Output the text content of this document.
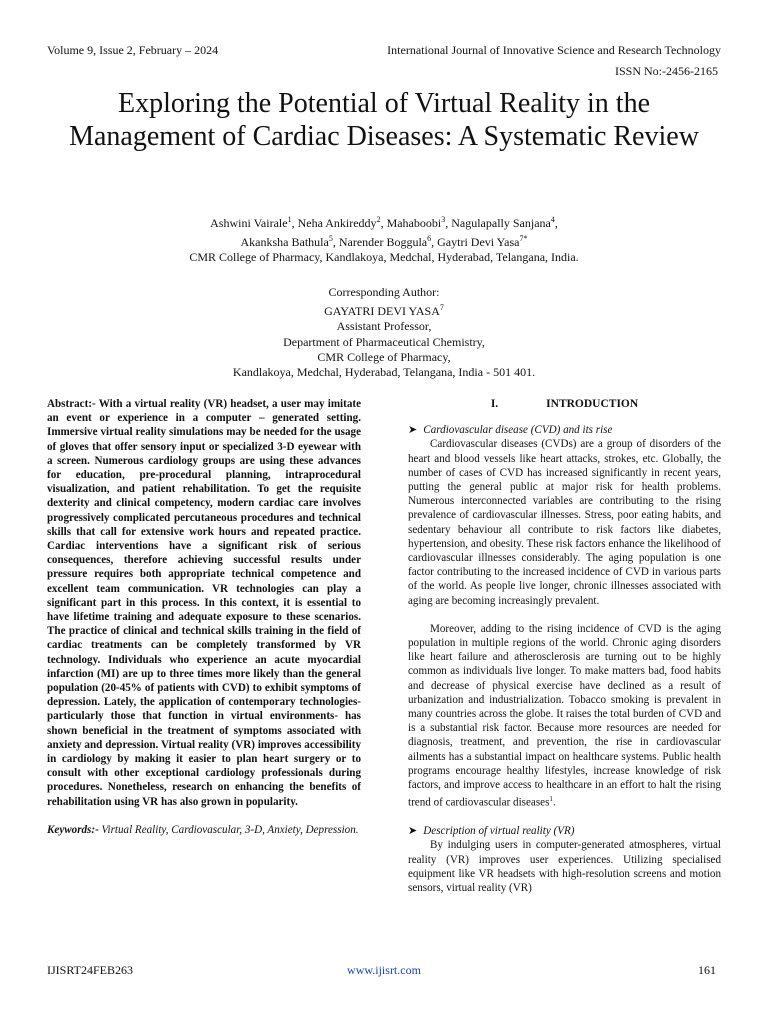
Volume 9, Issue 2, February – 2024	International Journal of Innovative Science and Research Technology
ISSN No:-2456-2165
Exploring the Potential of Virtual Reality in the Management of Cardiac Diseases: A Systematic Review
Ashwini Vairale$^1$, Neha Ankireddy$^2$, Mahaboobi$^3$, Nagulapally Sanjana$^4$,
Akanksha Bathula$^5$, Narender Boggula$^6$, Gaytri Devi Yasa$^{7*}$
CMR College of Pharmacy, Kandlakoya, Medchal, Hyderabad, Telangana, India.
Corresponding Author:
GAYATRI DEVI YASA$^7$
Assistant Professor,
Department of Pharmaceutical Chemistry,
CMR College of Pharmacy,
Kandlakoya, Medchal, Hyderabad, Telangana, India - 501 401.

Abstract:- With a virtual reality (VR) headset, a user may imitate an event or experience in a computer – generated setting. Immersive virtual reality simulations may be needed for the usage of gloves that offer sensory input or specialized 3-D eyewear with a screen. Numerous cardiology groups are using these advances for education, pre-procedural planning, intraprocedural visualization, and patient rehabilitation. To get the requisite dexterity and clinical competency, modern cardiac care involves progressively complicated percutaneous procedures and technical skills that call for extensive work hours and repeated practice. Cardiac interventions have a significant risk of serious consequences, therefore achieving successful results under pressure requires both appropriate technical competence and excellent team communication. VR technologies can play a significant part in this process. In this context, it is essential to have lifetime training and adequate exposure to these scenarios. The practice of clinical and technical skills training in the field of cardiac treatments can be completely transformed by VR technology. Individuals who experience an acute myocardial infarction (MI) are up to three times more likely than the general population (20-45% of patients with CVD) to exhibit symptoms of depression. Lately, the application of contemporary technologies- particularly those that function in virtual environments- has shown beneficial in the treatment of symptoms associated with anxiety and depression. Virtual reality (VR) improves accessibility in cardiology by making it easier to plan heart surgery or to consult with other exceptional cardiology professionals during procedures. Nonetheless, research on enhancing the benefits of rehabilitation using VR has also grown in popularity.

Keywords:- Virtual Reality, Cardiovascular, 3-D, Anxiety, Depression.

I.	INTRODUCTION

➤ Cardiovascular disease (CVD) and its rise

Cardiovascular diseases (CVDs) are a group of disorders of the heart and blood vessels like heart attacks, strokes, etc. Globally, the number of cases of CVD has increased significantly in recent years, putting the general public at major risk for health problems. Numerous interconnected variables are contributing to the rising prevalence of cardiovascular illnesses. Stress, poor eating habits, and sedentary behaviour all contribute to risk factors like diabetes, hypertension, and obesity. These risk factors enhance the likelihood of cardiovascular illnesses considerably. The aging population is one factor contributing to the increased incidence of CVD in various parts of the world. As people live longer, chronic illnesses associated with aging are becoming increasingly prevalent.

Moreover, adding to the rising incidence of CVD is the aging population in multiple regions of the world. Chronic aging disorders like heart failure and atherosclerosis are turning out to be highly common as individuals live longer. To make matters bad, food habits and decrease of physical exercise have declined as a result of urbanization and industrialization. Tobacco smoking is prevalent in many countries across the globe. It raises the total burden of CVD and is a substantial risk factor. Because more resources are needed for diagnosis, treatment, and prevention, the rise in cardiovascular ailments has a substantial impact on healthcare systems. Public health programs encourage healthy lifestyles, increase knowledge of risk factors, and improve access to healthcare in an effort to halt the rising trend of cardiovascular diseases$^1$.

➤ Description of virtual reality (VR)

By indulging users in computer-generated atmospheres, virtual reality (VR) improves user experiences. Utilizing specialised equipment like VR headsets with high-resolution screens and motion sensors, virtual reality (VR)

IJISRT24FEB263	www.ijisrt.com	161
